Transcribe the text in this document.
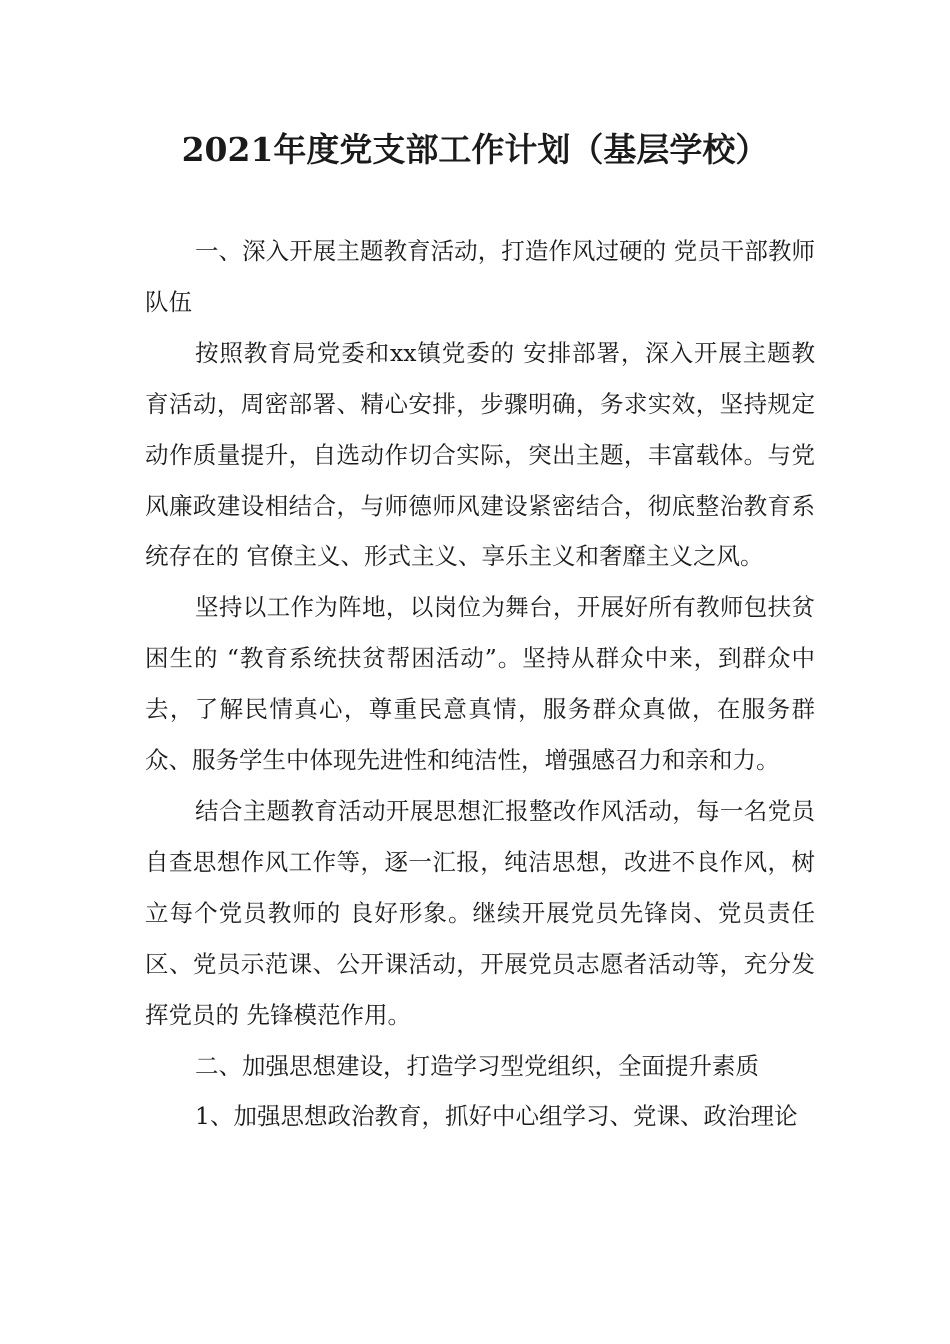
2021年度党支部工作计划（基层学校）

一、深入开展主题教育活动，打造作风过硬的 党员干部教师队伍

按照教育局党委和xx镇党委的 安排部署，深入开展主题教育活动，周密部署、精心安排，步骤明确，务求实效，坚持规定动作质量提升，自选动作切合实际，突出主题，丰富载体。与党风廉政建设相结合，与师德师风建设紧密结合，彻底整治教育系统存在的 官僚主义、形式主义、享乐主义和奢靡主义之风。

坚持以工作为阵地，以岗位为舞台，开展好所有教师包扶贫困生的 “教育系统扶贫帮困活动”。坚持从群众中来，到群众中去，了解民情真心，尊重民意真情，服务群众真做，在服务群众、服务学生中体现先进性和纯洁性，增强感召力和亲和力。

结合主题教育活动开展思想汇报整改作风活动，每一名党员自查思想作风工作等，逐一汇报，纯洁思想，改进不良作风，树立每个党员教师的 良好形象。继续开展党员先锋岗、党员责任区、党员示范课、公开课活动，开展党员志愿者活动等，充分发挥党员的 先锋模范作用。

二、加强思想建设，打造学习型党组织，全面提升素质

1、加强思想政治教育，抓好中心组学习、党课、政治理论
